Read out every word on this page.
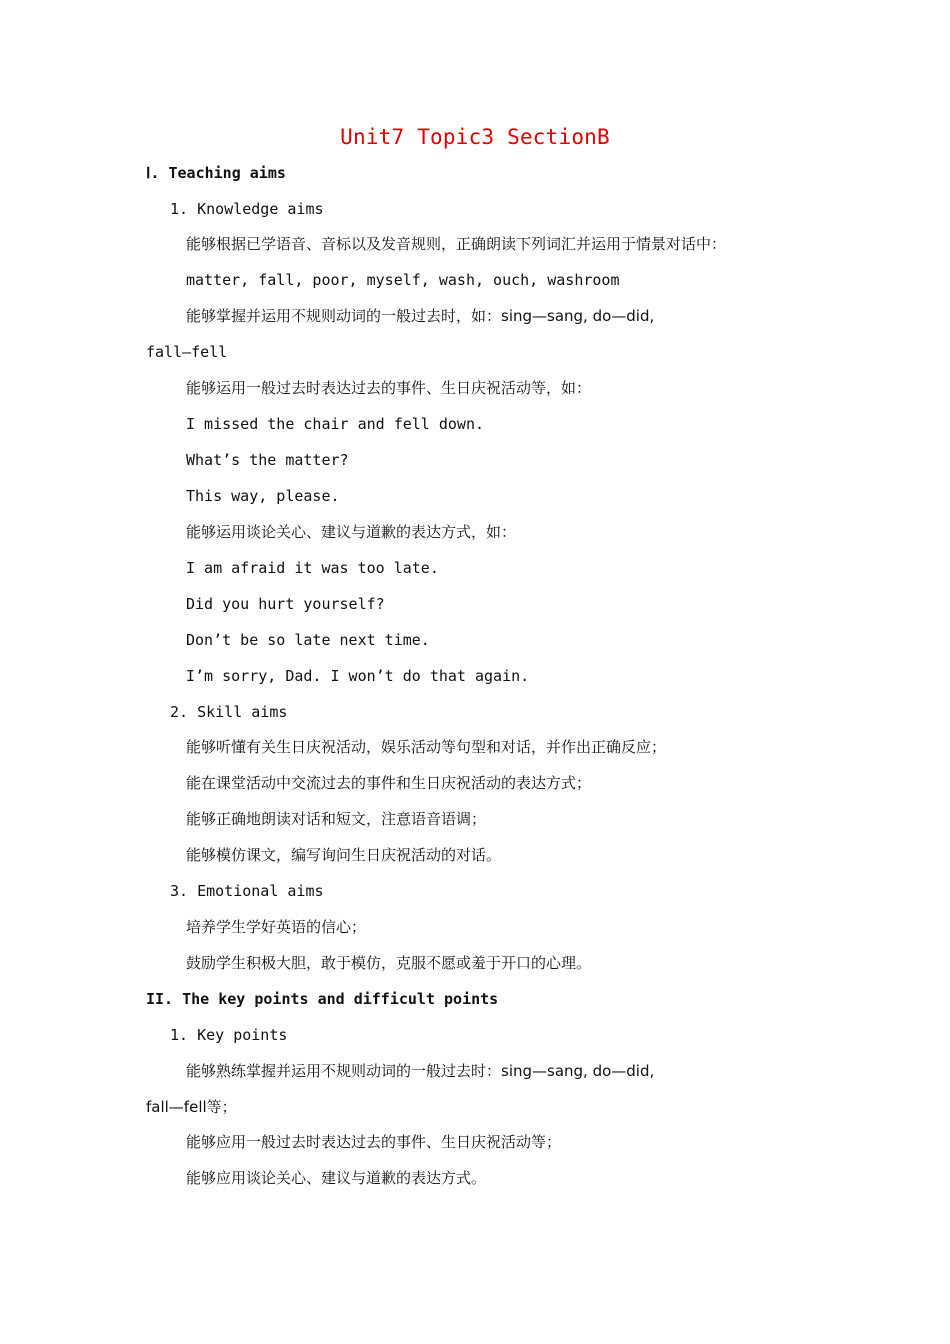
Unit7 Topic3 SectionB
Ⅰ. Teaching aims
1. Knowledge aims
能够根据已学语音、音标以及发音规则，正确朗读下列词汇并运用于情景对话中：
matter, fall, poor, myself, wash, ouch, washroom
能够掌握并运用不规则动词的一般过去时，如：sing—sang, do—did,
fall—fell
能够运用一般过去时表达过去的事件、生日庆祝活动等，如：
I missed the chair and fell down.
What’s the matter?
This way, please.
能够运用谈论关心、建议与道歉的表达方式，如：
I am afraid it was too late.
Did you hurt yourself?
Don’t be so late next time.
I’m sorry, Dad. I won’t do that again.
2. Skill aims
能够听懂有关生日庆祝活动，娱乐活动等句型和对话，并作出正确反应；
能在课堂活动中交流过去的事件和生日庆祝活动的表达方式；
能够正确地朗读对话和短文，注意语音语调；
能够模仿课文，编写询问生日庆祝活动的对话。
3. Emotional aims
培养学生学好英语的信心；
鼓励学生积极大胆，敢于模仿，克服不愿或羞于开口的心理。
II. The key points and difficult points
1. Key points
能够熟练掌握并运用不规则动词的一般过去时：sing—sang, do—did,
fall—fell等；
能够应用一般过去时表达过去的事件、生日庆祝活动等；
能够应用谈论关心、建议与道歉的表达方式。
